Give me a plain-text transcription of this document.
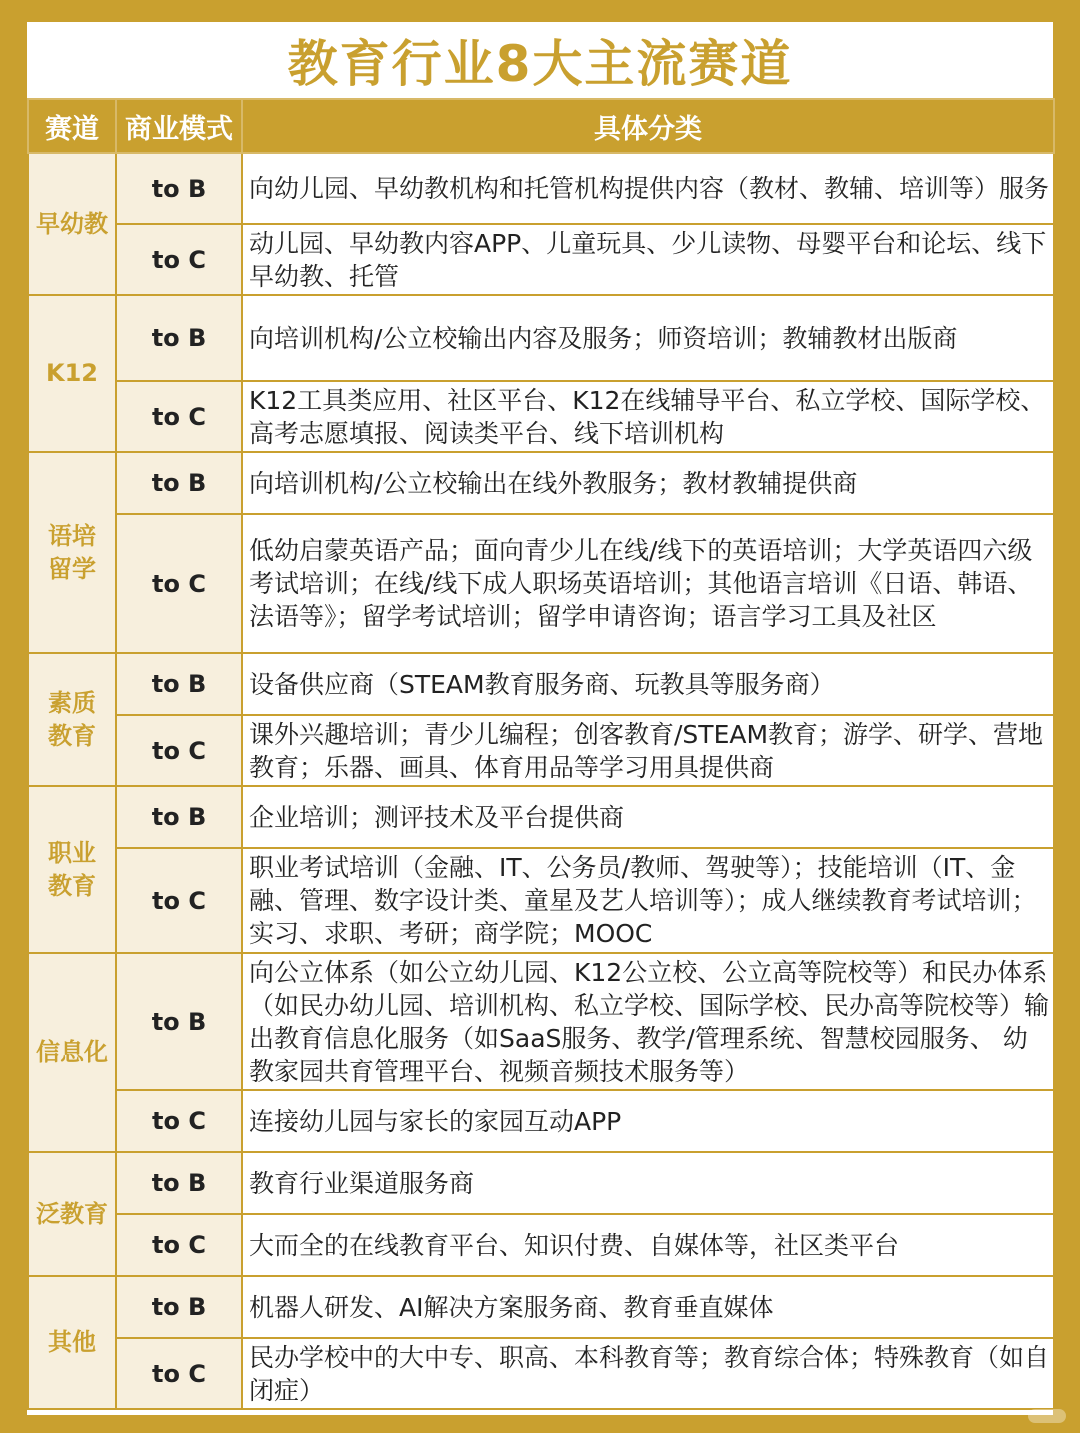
教育行业8大主流赛道
赛道	商业模式	具体分类
早幼教	to B	向幼儿园、早幼教机构和托管机构提供内容（教材、教辅、培训等）服务
	to C	动儿园、早幼教内容APP、儿童玩具、少儿读物、母婴平台和论坛、线下早幼教、托管
K12	to B	向培训机构/公立校输出内容及服务；师资培训；教辅教材出版商
	to C	K12工具类应用、社区平台、K12在线辅导平台、私立学校、国际学校、高考志愿填报、阅读类平台、线下培训机构
语培留学	to B	向培训机构/公立校输出在线外教服务；教材教辅提供商
	to C	低幼启蒙英语产品；面向青少儿在线/线下的英语培训；大学英语四六级考试培训；在线/线下成人职场英语培训；其他语言培训《日语、韩语、法语等》；留学考试培训；留学申请咨询；语言学习工具及社区
素质教育	to B	设备供应商（STEAM教育服务商、玩教具等服务商）
	to C	课外兴趣培训；青少儿编程；创客教育/STEAM教育；游学、研学、营地教育；乐器、画具、体育用品等学习用具提供商
职业教育	to B	企业培训；测评技术及平台提供商
	to C	职业考试培训（金融、IT、公务员/教师、驾驶等）；技能培训（IT、金融、管理、数字设计类、童星及艺人培训等）；成人继续教育考试培训；实习、求职、考研；商学院；MOOC
信息化	to B	向公立体系（如公立幼儿园、K12公立校、公立高等院校等）和民办体系（如民办幼儿园、培训机构、私立学校、国际学校、民办高等院校等）输出教育信息化服务（如SaaS服务、教学/管理系统、智慧校园服务、 幼教家园共育管理平台、视频音频技术服务等）
	to C	连接幼儿园与家长的家园互动APP
泛教育	to B	教育行业渠道服务商
	to C	大而全的在线教育平台、知识付费、自媒体等，社区类平台
其他	to B	机器人研发、AI解决方案服务商、教育垂直媒体
	to C	民办学校中的大中专、职高、本科教育等；教育综合体；特殊教育（如自闭症）
